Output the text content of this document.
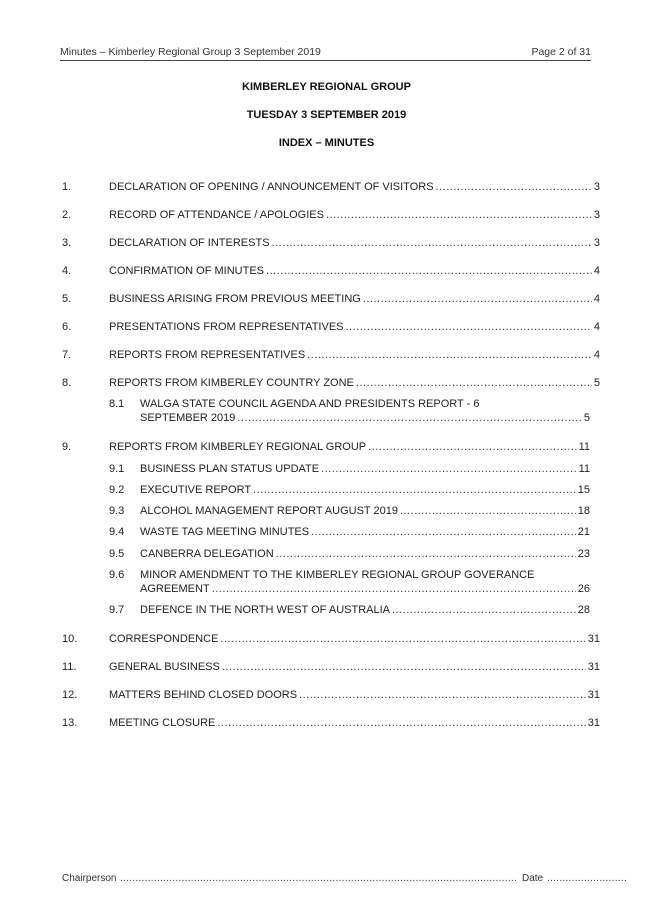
Minutes – Kimberley Regional Group 3 September 2019	Page 2 of 31
KIMBERLEY REGIONAL GROUP
TUESDAY 3 SEPTEMBER 2019
INDEX – MINUTES
1.	DECLARATION OF OPENING / ANNOUNCEMENT OF VISITORS .....	3
2.	RECORD OF ATTENDANCE / APOLOGIES .....	3
3.	DECLARATION OF INTERESTS .....	3
4.	CONFIRMATION OF MINUTES .....	4
5.	BUSINESS ARISING FROM PREVIOUS MEETING .....	4
6.	PRESENTATIONS FROM REPRESENTATIVES .....	4
7.	REPORTS FROM REPRESENTATIVES .....	4
8.	REPORTS FROM KIMBERLEY COUNTRY ZONE .....	5
8.1 WALGA STATE COUNCIL AGENDA AND PRESIDENTS REPORT - 6
SEPTEMBER 2019 .....	5
9.	REPORTS FROM KIMBERLEY REGIONAL GROUP .....	11
9.1 BUSINESS PLAN STATUS UPDATE .....	11
9.2 EXECUTIVE REPORT .....	15
9.3 ALCOHOL MANAGEMENT REPORT AUGUST 2019 .....	18
9.4 WASTE TAG MEETING MINUTES .....	21
9.5 CANBERRA DELEGATION .....	23
9.6 MINOR AMENDMENT TO THE KIMBERLEY REGIONAL GROUP GOVERANCE
AGREEMENT .....	26
9.7 DEFENCE IN THE NORTH WEST OF AUSTRALIA .....	28
10.	CORRESPONDENCE .....	31
11.	GENERAL BUSINESS .....	31
12.	MATTERS BEHIND CLOSED DOORS .....	31
13.	MEETING CLOSURE .....	31
Chairperson .....	Date
.....
